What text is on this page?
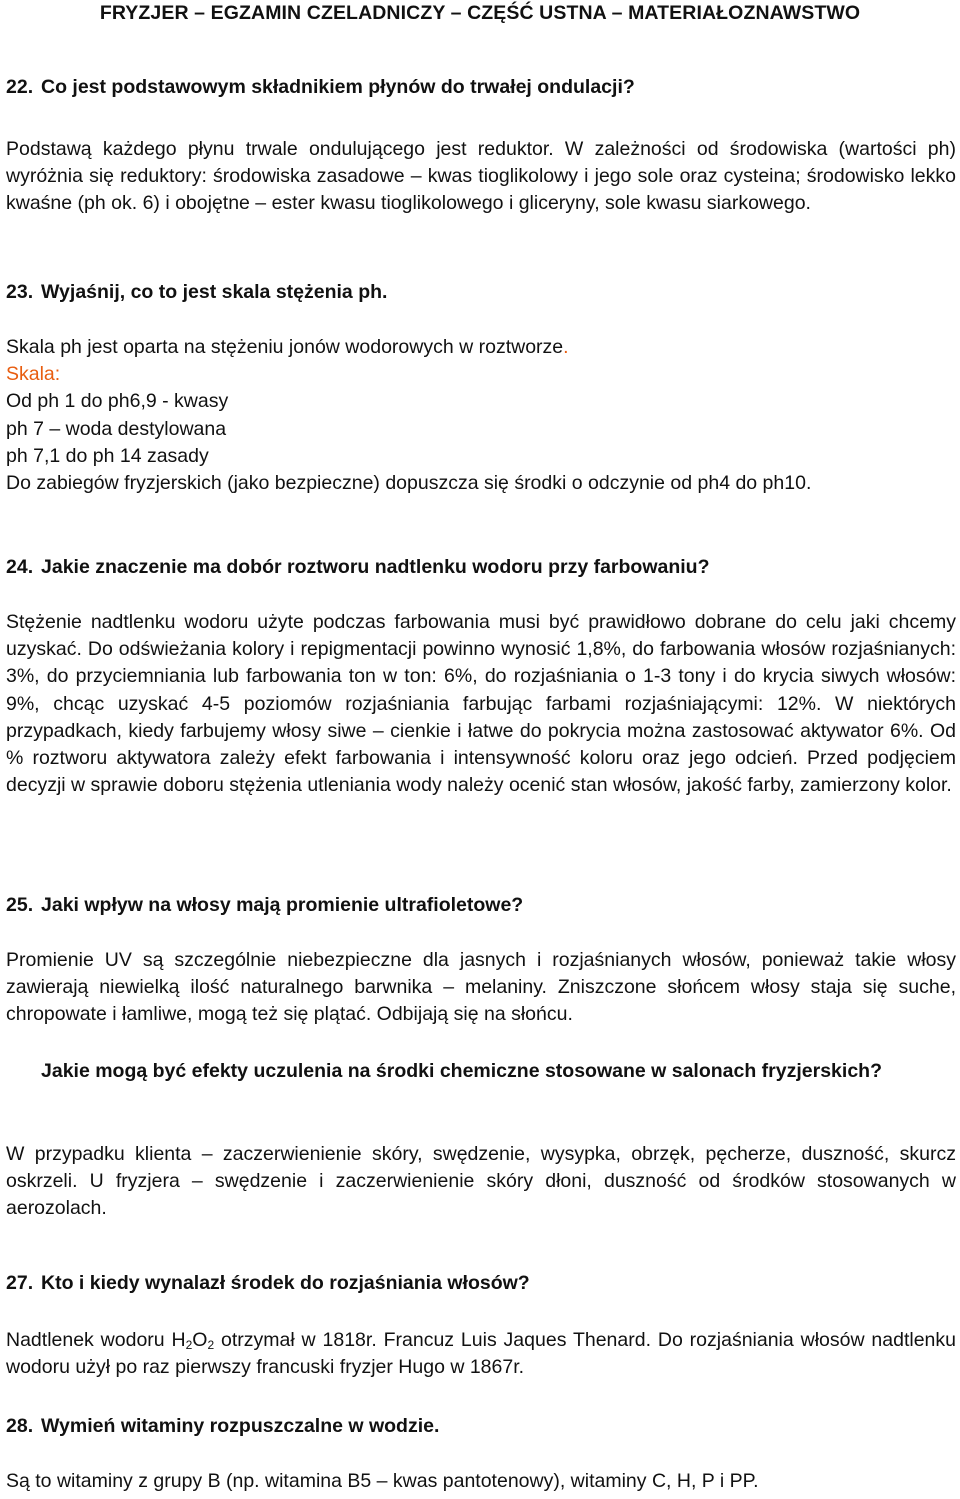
FRYZJER – EGZAMIN CZELADNICZY – CZĘŚĆ USTNA – MATERIAŁOZNAWSTWO
22. Co jest podstawowym składnikiem płynów do trwałej ondulacji?
Podstawą każdego płynu trwale ondulującego jest reduktor. W zależności od środowiska (wartości ph) wyróżnia się reduktory: środowiska zasadowe – kwas tioglikolowy i jego sole oraz cysteina; środowisko lekko kwaśne (ph ok. 6) i obojętne – ester kwasu tioglikolowego i gliceryny, sole kwasu siarkowego.
23. Wyjaśnij, co to jest skala stężenia ph.
Skala ph jest oparta na stężeniu jonów wodorowych w roztworze.
Skala:
Od ph 1 do ph6,9 - kwasy
ph 7 – woda destylowana
ph 7,1 do ph 14 zasady
Do zabiegów fryzjerskich (jako bezpieczne) dopuszcza się środki o odczynie od ph4 do ph10.
24. Jakie znaczenie ma dobór roztworu nadtlenku wodoru przy farbowaniu?
Stężenie nadtlenku wodoru użyte podczas farbowania musi być prawidłowo dobrane do celu jaki chcemy uzyskać. Do odświeżania kolory i repigmentacji powinno wynosić 1,8%, do farbowania włosów rozjaśnianych: 3%, do przyciemniania lub farbowania ton w ton: 6%, do rozjaśniania o 1-3 tony i do krycia siwych włosów: 9%, chcąc uzyskać 4-5 poziomów rozjaśniania farbując farbami rozjaśniającymi: 12%. W niektórych przypadkach, kiedy farbujemy włosy siwe – cienkie i łatwe do pokrycia można zastosować aktywator 6%. Od % roztworu aktywatora zależy efekt farbowania i intensywność koloru oraz jego odcień. Przed podjęciem decyzji w sprawie doboru stężenia utleniania wody należy ocenić stan włosów, jakość farby, zamierzony kolor.
25. Jaki wpływ na włosy mają promienie ultrafioletowe?
Promienie UV są szczególnie niebezpieczne dla jasnych i rozjaśnianych włosów, ponieważ takie włosy zawierają niewielką ilość naturalnego barwnika – melaniny. Zniszczone słońcem włosy staja się suche, chropowate i łamliwe, mogą też się plątać. Odbijają się na słońcu.
Jakie mogą być efekty uczulenia na środki chemiczne stosowane w salonach fryzjerskich?
W przypadku klienta – zaczerwienienie skóry, swędzenie, wysypka, obrzęk, pęcherze, duszność, skurcz oskrzeli. U fryzjera – swędzenie i zaczerwienienie skóry dłoni, duszność od środków stosowanych w aerozolach.
27. Kto i kiedy wynalazł środek do rozjaśniania włosów?
Nadtlenek wodoru $H_2O_2$ otrzymał w 1818r. Francuz Luis Jaques Thenard. Do rozjaśniania włosów nadtlenku wodoru użył po raz pierwszy francuski fryzjer Hugo w 1867r.
28. Wymień witaminy rozpuszczalne w wodzie.
Są to witaminy z grupy B (np. witamina B5 – kwas pantotenowy), witaminy C, H, P i PP.
